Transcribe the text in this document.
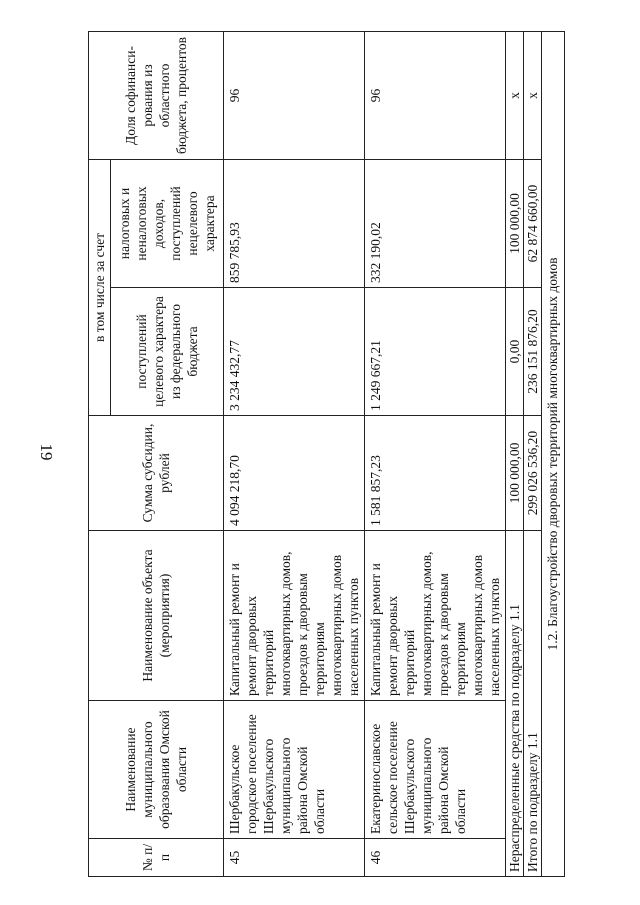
19
№ п/п	Наименование муниципального образования Омской области	Наименование объекта (мероприятия)	Сумма субсидии, рублей	в том числе за счет		Доля софинанси-рования из областного бюджета, процентов
				поступлений целевого характера из федерального бюджета	налоговых и неналоговых доходов, поступлений нецелевого характера	
45	Шербакульское городское поселение Шербакульского муниципального района Омской области	Капитальный ремонт и ремонт дворовых территорий многоквартирных домов, проездов к дворовым территориям многоквартирных домов населенных пунктов	4 094 218,70	3 234 432,77	859 785,93	96
46	Екатеринославское сельское поселение Шербакульского муниципального района Омской области	Капитальный ремонт и ремонт дворовых территорий многоквартирных домов, проездов к дворовым территориям многоквартирных домов населенных пунктов	1 581 857,23	1 249 667,21	332 190,02	96
Нераспределенные средства по подразделу 1.1			100 000,00	0,00	100 000,00	x
Итого по подразделу 1.1			299 026 536,20	236 151 876,20	62 874 660,00	x
1.2. Благоустройство дворовых территорий многоквартирных домов						
